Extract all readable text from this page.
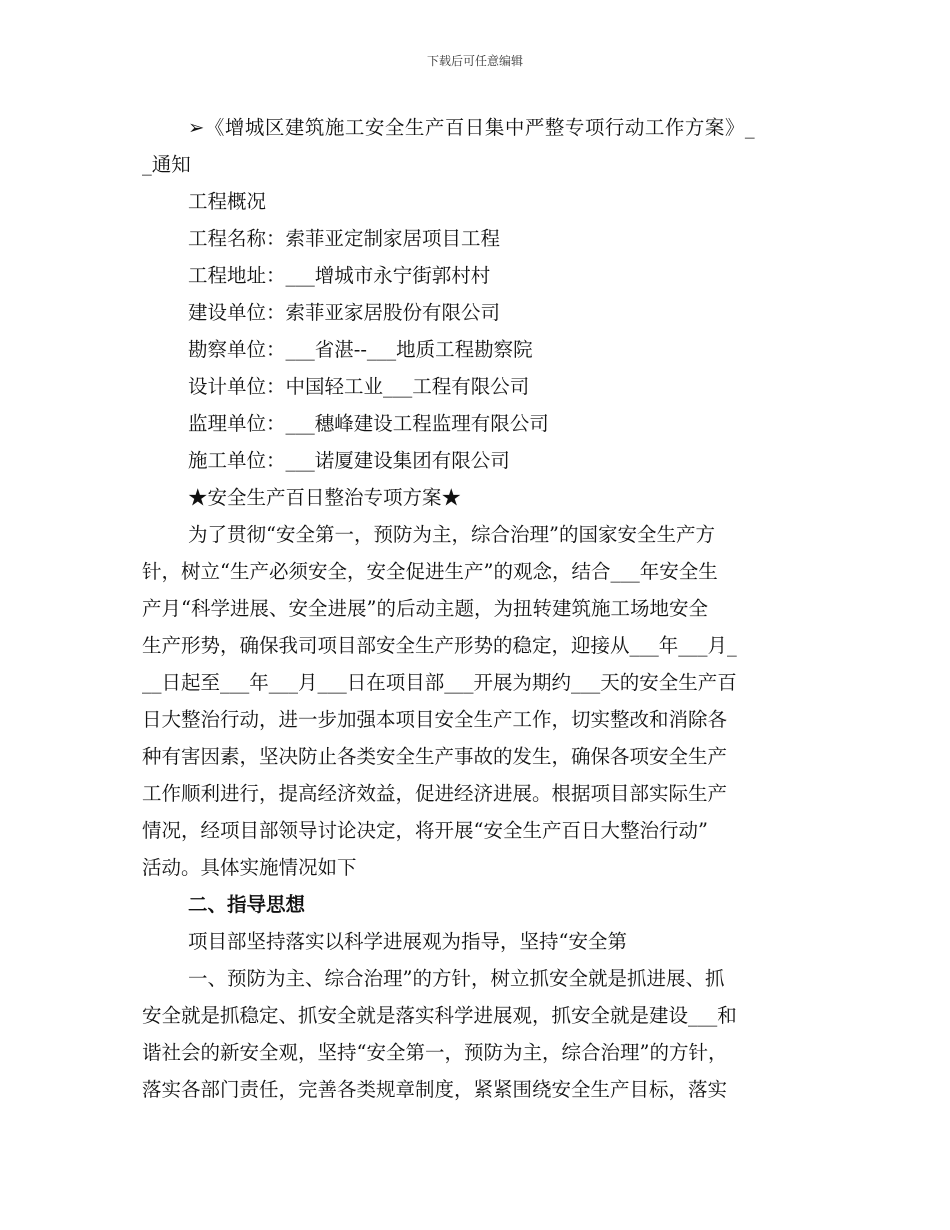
下载后可任意编辑
➢《增城区建筑施工安全生产百日集中严整专项行动工作方案》_
_通知
工程概况
工程名称：索菲亚定制家居项目工程
工程地址：___增城市永宁街郭村村
建设单位：索菲亚家居股份有限公司
勘察单位：___省湛--___地质工程勘察院
设计单位：中国轻工业___工程有限公司
监理单位：___穗峰建设工程监理有限公司
施工单位：___诺厦建设集团有限公司
★安全生产百日整治专项方案★
为了贯彻“安全第一，预防为主，综合治理”的国家安全生产方
针，树立“生产必须安全，安全促进生产”的观念，结合___年安全生
产月“科学进展、安全进展”的后动主题，为扭转建筑施工场地安全
生产形势，确保我司项目部安全生产形势的稳定，迎接从___年___月_
__日起至___年___月___日在项目部___开展为期约___天的安全生产百
日大整治行动，进一步加强本项目安全生产工作，切实整改和消除各
种有害因素，坚决防止各类安全生产事故的发生，确保各项安全生产
工作顺利进行，提高经济效益，促进经济进展。根据项目部实际生产
情况，经项目部领导讨论决定，将开展“安全生产百日大整治行动”
活动。具体实施情况如下
二、指导思想
项目部坚持落实以科学进展观为指导，坚持“安全第
一、预防为主、综合治理”的方针，树立抓安全就是抓进展、抓
安全就是抓稳定、抓安全就是落实科学进展观，抓安全就是建设___和
谐社会的新安全观，坚持“安全第一，预防为主，综合治理”的方针，
落实各部门责任，完善各类规章制度，紧紧围绕安全生产目标，落实
